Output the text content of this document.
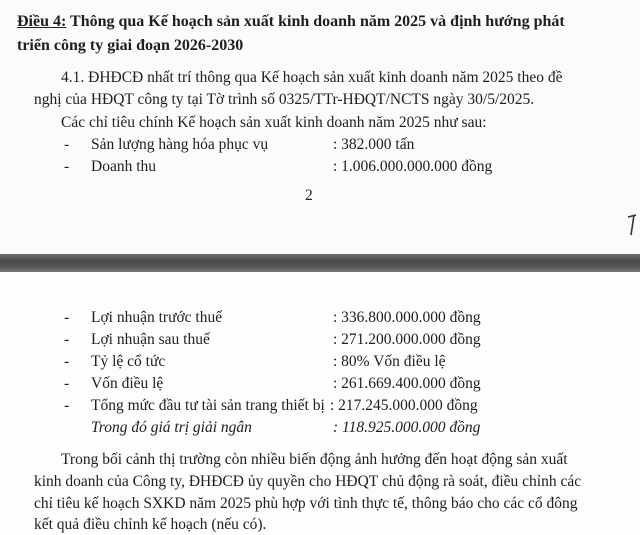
Điều 4: Thông qua Kế hoạch sản xuất kinh doanh năm 2025 và định hướng phát
triển công ty giai đoạn 2026-2030
4.1. ĐHĐCĐ nhất trí thông qua Kế hoạch sản xuất kinh doanh năm 2025 theo đề
nghị của HĐQT công ty tại Tờ trình số 0325/TTr-HĐQT/NCTS ngày 30/5/2025.
Các chỉ tiêu chính Kế hoạch sản xuất kinh doanh năm 2025 như sau:
- Sản lượng hàng hóa phục vụ	: 382.000 tấn
- Doanh thu	: 1.006.000.000.000 đồng
2
- Lợi nhuận trước thuế	: 336.800.000.000 đồng
- Lợi nhuận sau thuế	: 271.200.000.000 đồng
- Tỷ lệ cổ tức	: 80% Vốn điều lệ
- Vốn điều lệ	: 261.669.400.000 đồng
- Tổng mức đầu tư tài sản trang thiết bị : 217.245.000.000 đồng
Trong đó giá trị giải ngân	: 118.925.000.000 đồng
Trong bối cảnh thị trường còn nhiều biến động ảnh hưởng đến hoạt động sản xuất
kinh doanh của Công ty, ĐHĐCĐ ủy quyền cho HĐQT chủ động rà soát, điều chỉnh các
chỉ tiêu kế hoạch SXKD năm 2025 phù hợp với tình thực tế, thông báo cho các cổ đông
kết quả điều chỉnh kế hoạch (nếu có).
